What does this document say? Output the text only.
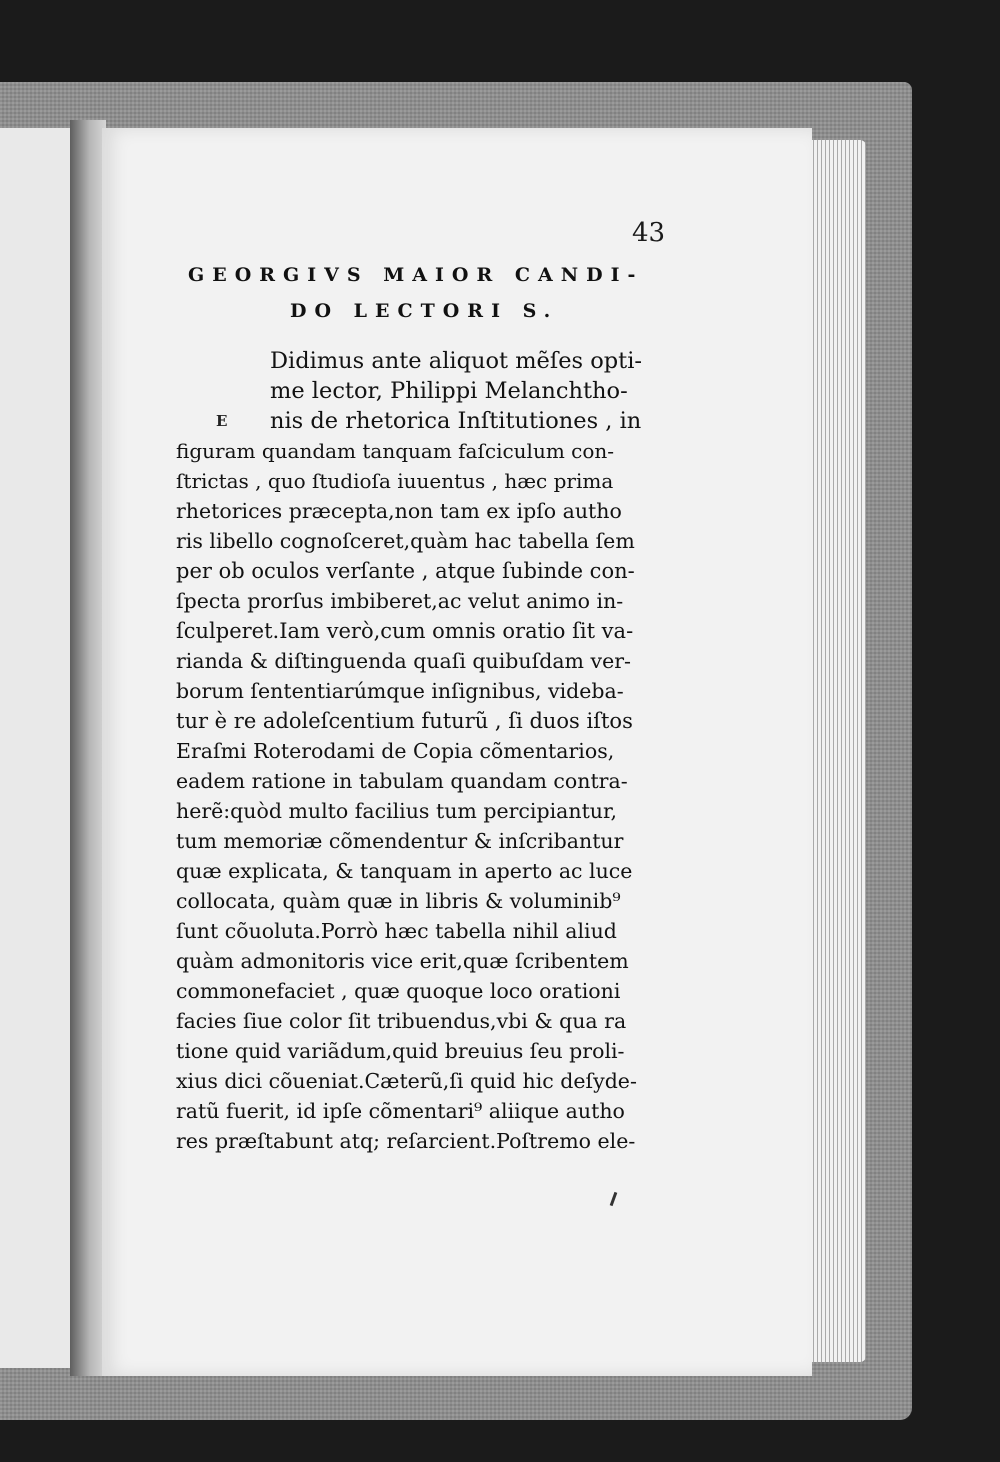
43
GEORGIVS MAIOR CANDI-
DO LECTORI S.
E
Didimus ante aliquot mẽſes opti-
me lector, Philippi Melanchtho-
nis de rhetorica Inſtitutiones , in
figuram quandam tanquam faſciculum con-
ſtrictas , quo ſtudioſa iuuentus , hæc prima
rhetorices præcepta,non tam ex ipſo autho
ris libello cognoſceret,quàm hac tabella ſem
per ob oculos verſante , atque ſubinde con-
ſpecta prorſus imbiberet,ac velut animo in-
ſculperet.Iam verò,cum omnis oratio ſit va-
rianda & diſtinguenda quaſi quibuſdam ver-
borum ſententiarúmque inſignibus, videba-
tur è re adoleſcentium futurũ , ſi duos iſtos
Eraſmi Roterodami de Copia cõmentarios,
eadem ratione in tabulam quandam contra-
herẽ:quòd multo facilius tum percipiantur,
tum memoriæ cõmendentur & inſcribantur
quæ explicata, & tanquam in aperto ac luce
collocata, quàm quæ in libris & voluminib⁹
ſunt cõuoluta.Porrò hæc tabella nihil aliud
quàm admonitoris vice erit,quæ ſcribentem
commonefaciet , quæ quoque loco orationi
facies ſiue color ſit tribuendus,vbi & qua ra
tione quid variãdum,quid breuius ſeu proli-
xius dici cõueniat.Cæterũ,ſi quid hic deſyde-
ratũ fuerit, id ipſe cõmentari⁹ aliique autho
res præſtabunt atq; reſarcient.Poſtremo ele-
